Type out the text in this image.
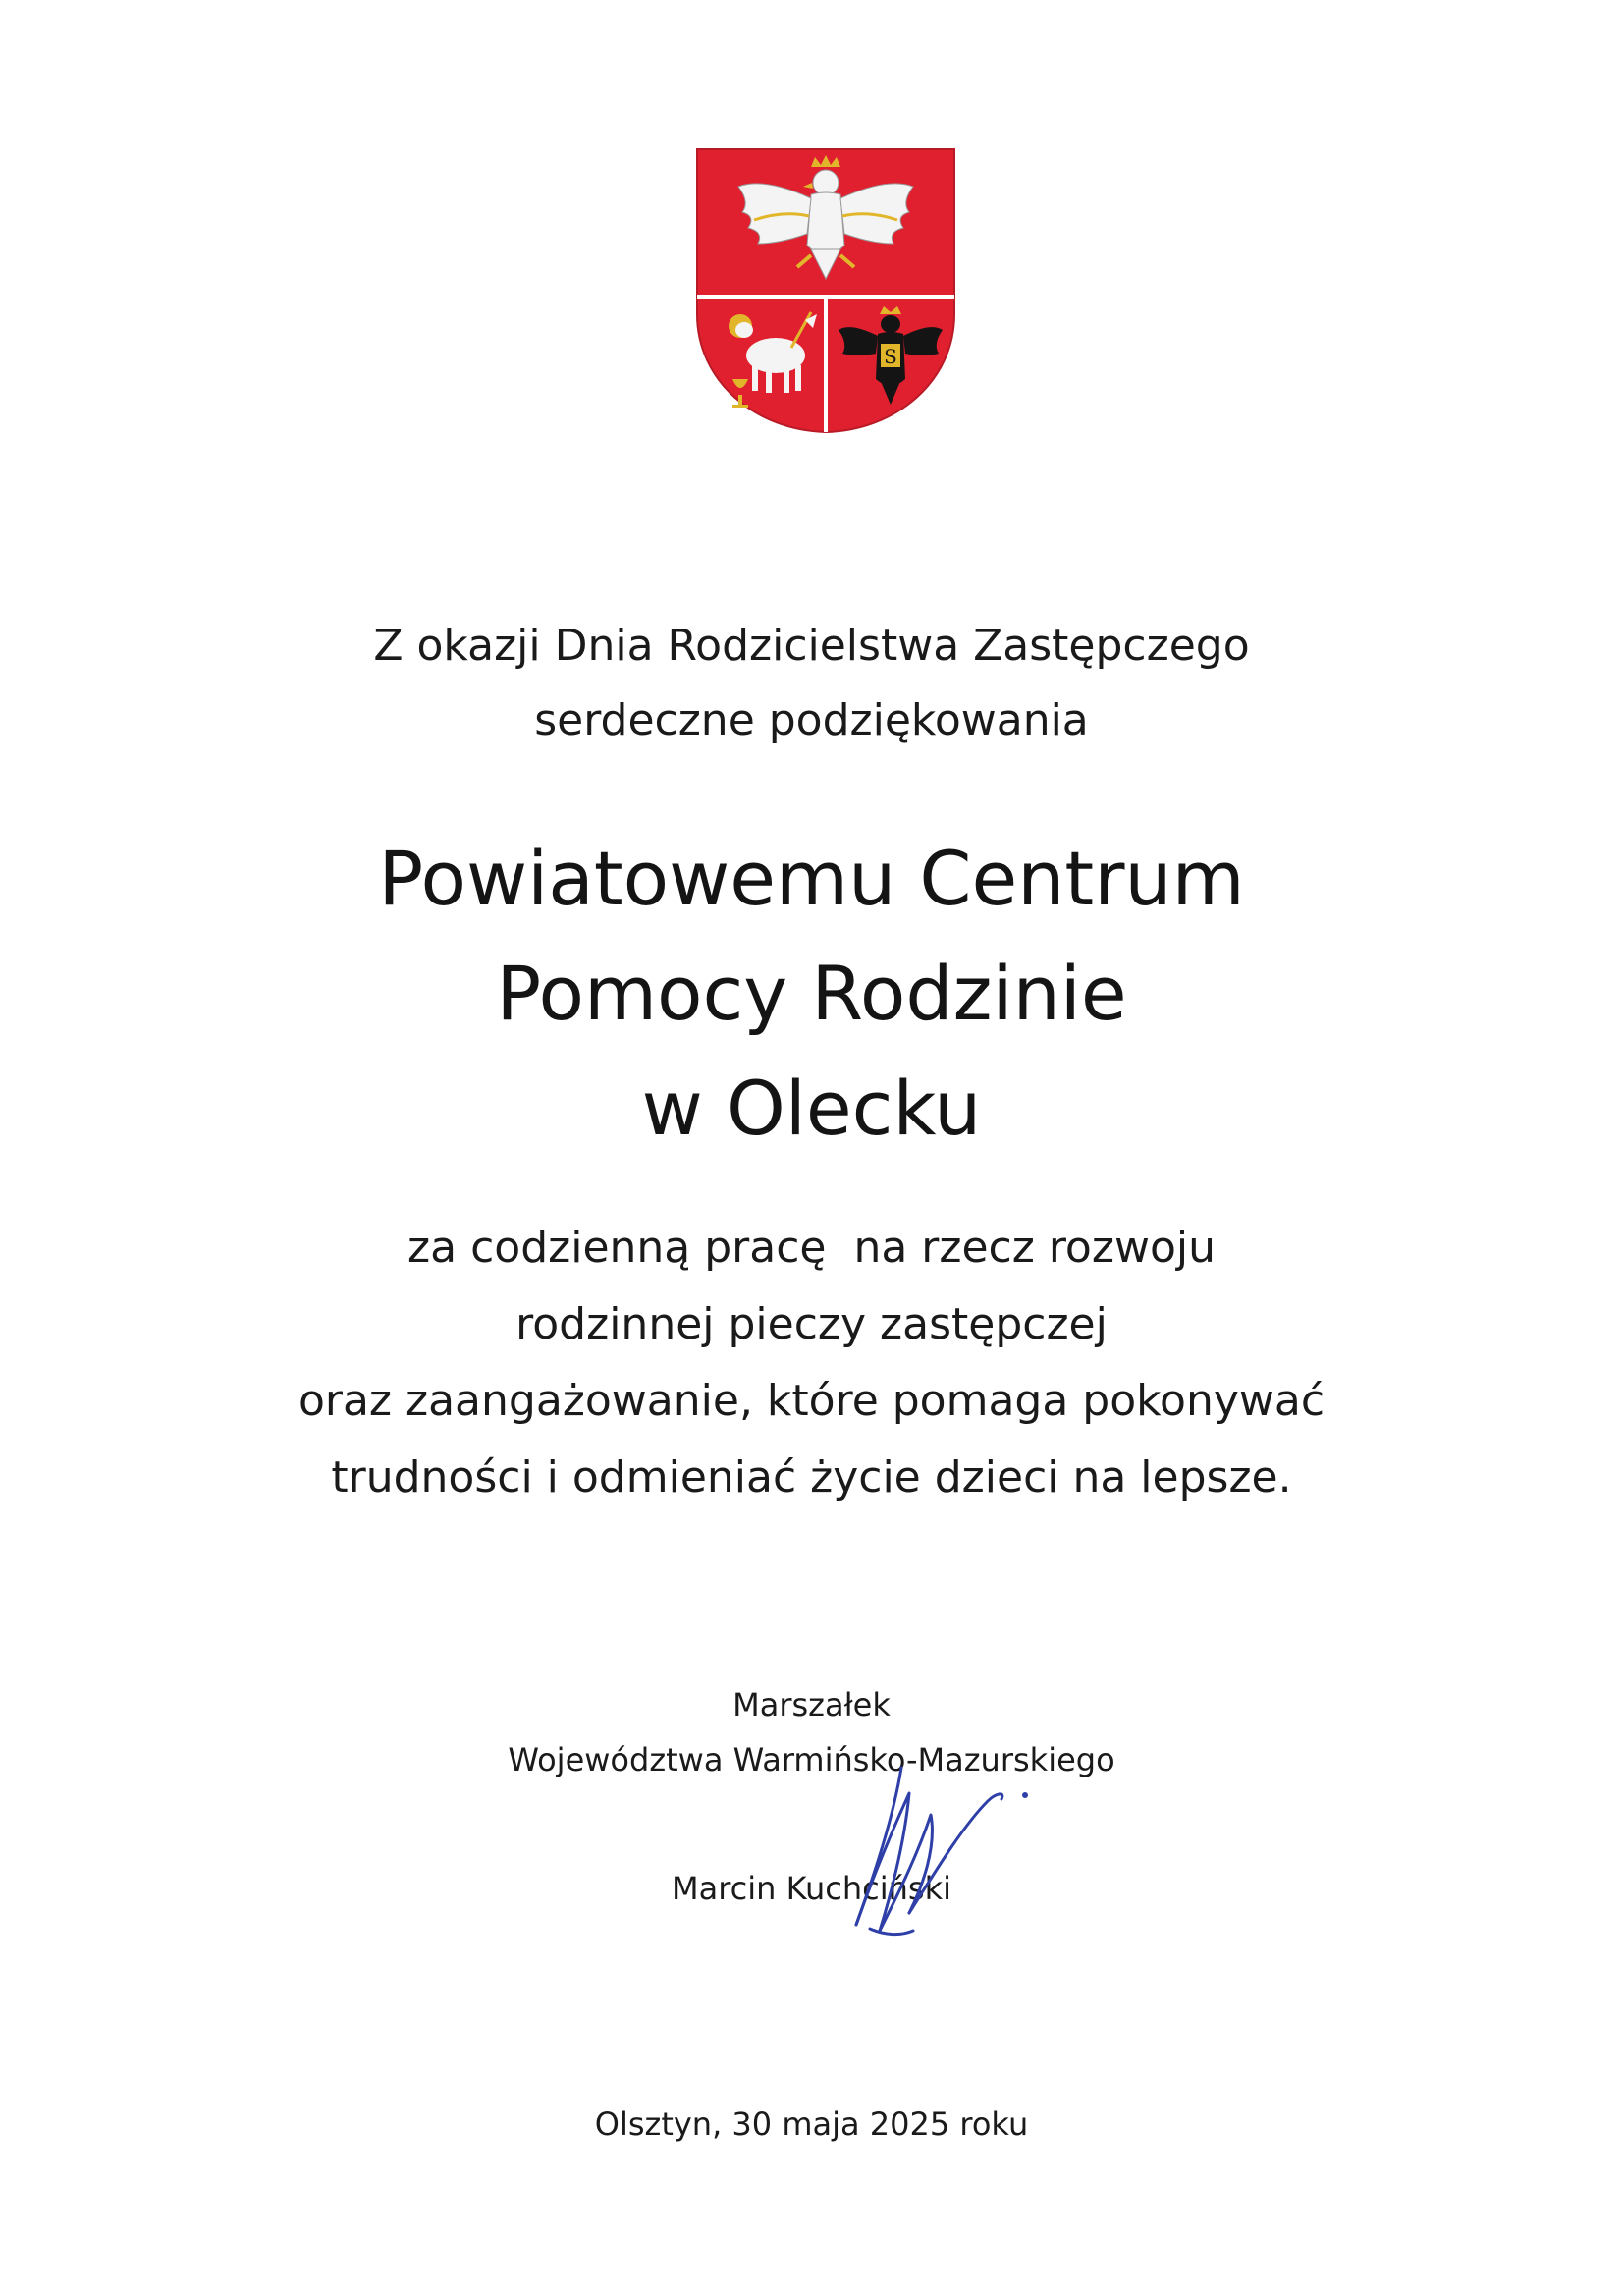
S
Z okazji Dnia Rodzicielstwa Zastępczego
serdeczne podziękowania
Powiatowemu Centrum
Pomocy Rodzinie
w Olecku
za codzienną pracę  na rzecz rozwoju
rodzinnej pieczy zastępczej
oraz zaangażowanie, które pomaga pokonywać
trudności i odmieniać życie dzieci na lepsze.
Marszałek
Województwa Warmińsko-Mazurskiego
Marcin Kuchciński
Olsztyn, 30 maja 2025 roku
